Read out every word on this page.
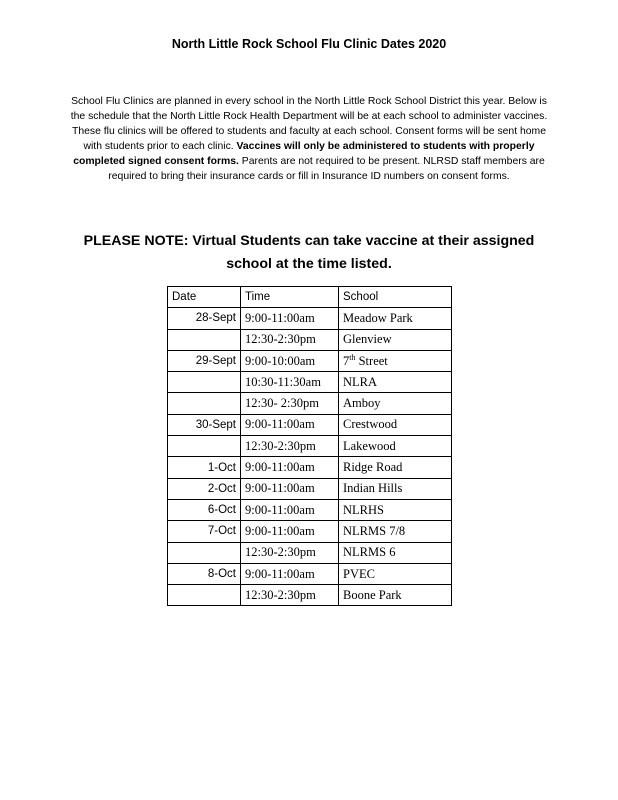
North Little Rock School Flu Clinic Dates 2020
School Flu Clinics are planned in every school in the North Little Rock School District this year. Below is the schedule that the North Little Rock Health Department will be at each school to administer vaccines. These flu clinics will be offered to students and faculty at each school. Consent forms will be sent home with students prior to each clinic. Vaccines will only be administered to students with properly completed signed consent forms. Parents are not required to be present. NLRSD staff members are required to bring their insurance cards or fill in Insurance ID numbers on consent forms.
PLEASE NOTE: Virtual Students can take vaccine at their assigned
school at the time listed.
Date	Time	School
28-Sept	9:00-11:00am	Meadow Park
	12:30-2:30pm	Glenview
29-Sept	9:00-10:00am	7th Street
	10:30-11:30am	NLRA
	12:30- 2:30pm	Amboy
30-Sept	9:00-11:00am	Crestwood
	12:30-2:30pm	Lakewood
1-Oct	9:00-11:00am	Ridge Road
2-Oct	9:00-11:00am	Indian Hills
6-Oct	9:00-11:00am	NLRHS
7-Oct	9:00-11:00am	NLRMS 7/8
	12:30-2:30pm	NLRMS 6
8-Oct	9:00-11:00am	PVEC
	12:30-2:30pm	Boone Park
